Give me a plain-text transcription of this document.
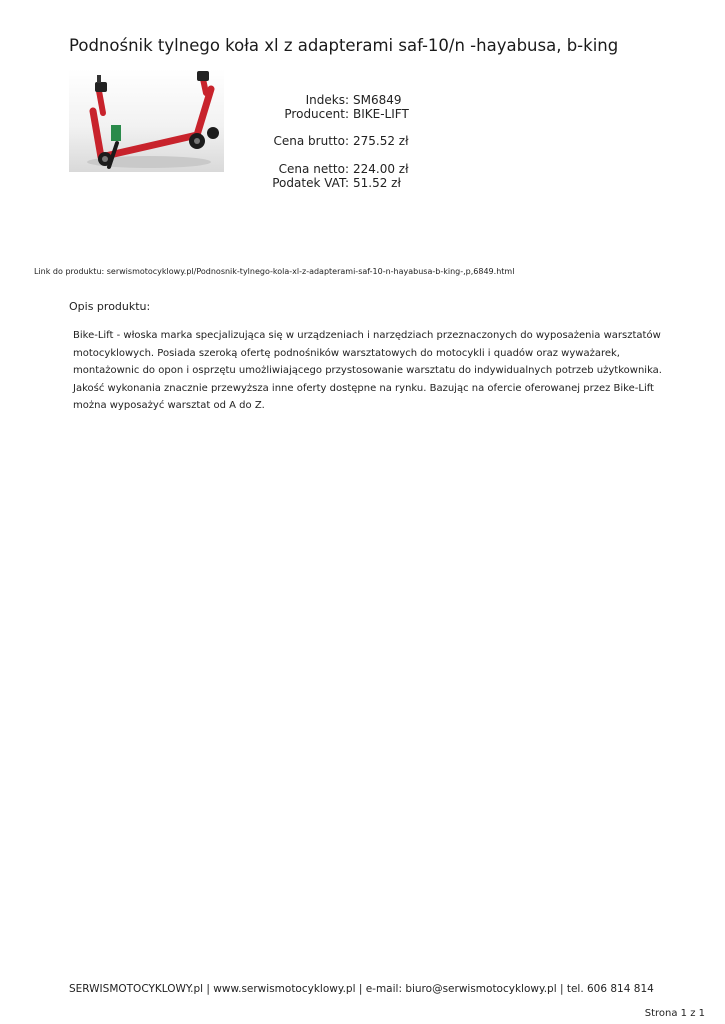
Podnośnik tylnego koła xl z adapterami saf-10/n -hayabusa, b-king
Indeks: SM6849
Producent: BIKE-LIFT
Cena brutto: 275.52 zł
Cena netto: 224.00 zł
Podatek VAT: 51.52 zł
Link do produktu: serwismotocyklowy.pl/Podnosnik-tylnego-kola-xl-z-adapterami-saf-10-n-hayabusa-b-king-,p,6849.html
Opis produktu:
Bike-Lift - włoska marka specjalizująca się w urządzeniach i narzędziach przeznaczonych do wyposażenia warsztatów motocyklowych. Posiada szeroką ofertę podnośników warsztatowych do motocykli i quadów oraz wyważarek, montażownic do opon i osprzętu umożliwiającego przystosowanie warsztatu do indywidualnych potrzeb użytkownika. Jakość wykonania znacznie przewyższa inne oferty dostępne na rynku. Bazując na ofercie oferowanej przez Bike-Lift można wyposażyć warsztat od A do Z.
SERWISMOTOCYKLOWY.pl | www.serwismotocyklowy.pl | e-mail: biuro@serwismotocyklowy.pl | tel. 606 814 814
Strona 1 z 1
